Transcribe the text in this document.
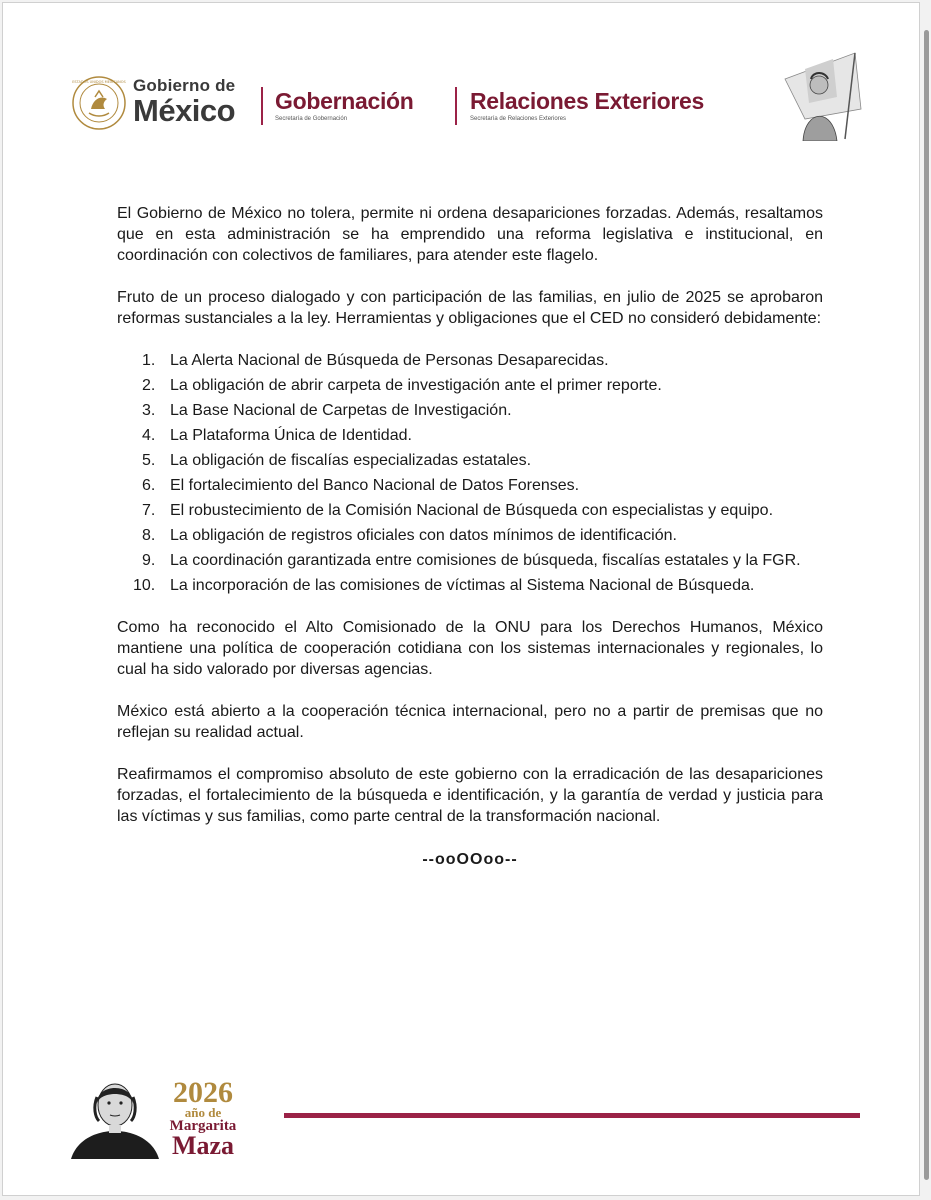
ESTADOS UNIDOS MEXICANOS Gobierno de
México Gobernación
Secretaría de Gobernación
Relaciones Exteriores
Secretaría de Relaciones Exteriores

El Gobierno de México no tolera, permite ni ordena desapariciones forzadas. Además, resaltamos que en esta administración se ha emprendido una reforma legislativa e institucional, en coordinación con colectivos de familiares, para atender este flagelo.

Fruto de un proceso dialogado y con participación de las familias, en julio de 2025 se aprobaron reformas sustanciales a la ley. Herramientas y obligaciones que el CED no consideró debidamente:

1. La Alerta Nacional de Búsqueda de Personas Desaparecidas.
2. La obligación de abrir carpeta de investigación ante el primer reporte.
3. La Base Nacional de Carpetas de Investigación.
4. La Plataforma Única de Identidad.
5. La obligación de fiscalías especializadas estatales.
6. El fortalecimiento del Banco Nacional de Datos Forenses.
7. El robustecimiento de la Comisión Nacional de Búsqueda con especialistas y equipo.
8. La obligación de registros oficiales con datos mínimos de identificación.
9. La coordinación garantizada entre comisiones de búsqueda, fiscalías estatales y la FGR.
10. La incorporación de las comisiones de víctimas al Sistema Nacional de Búsqueda.

Como ha reconocido el Alto Comisionado de la ONU para los Derechos Humanos, México mantiene una política de cooperación cotidiana con los sistemas internacionales y regionales, lo cual ha sido valorado por diversas agencias.

México está abierto a la cooperación técnica internacional, pero no a partir de premisas que no reflejan su realidad actual.

Reafirmamos el compromiso absoluto de este gobierno con la erradicación de las desapariciones forzadas, el fortalecimiento de la búsqueda e identificación, y la garantía de verdad y justicia para las víctimas y sus familias, como parte central de la transformación nacional.

--ooOOoo--
2026
año de
Margarita
Maza
